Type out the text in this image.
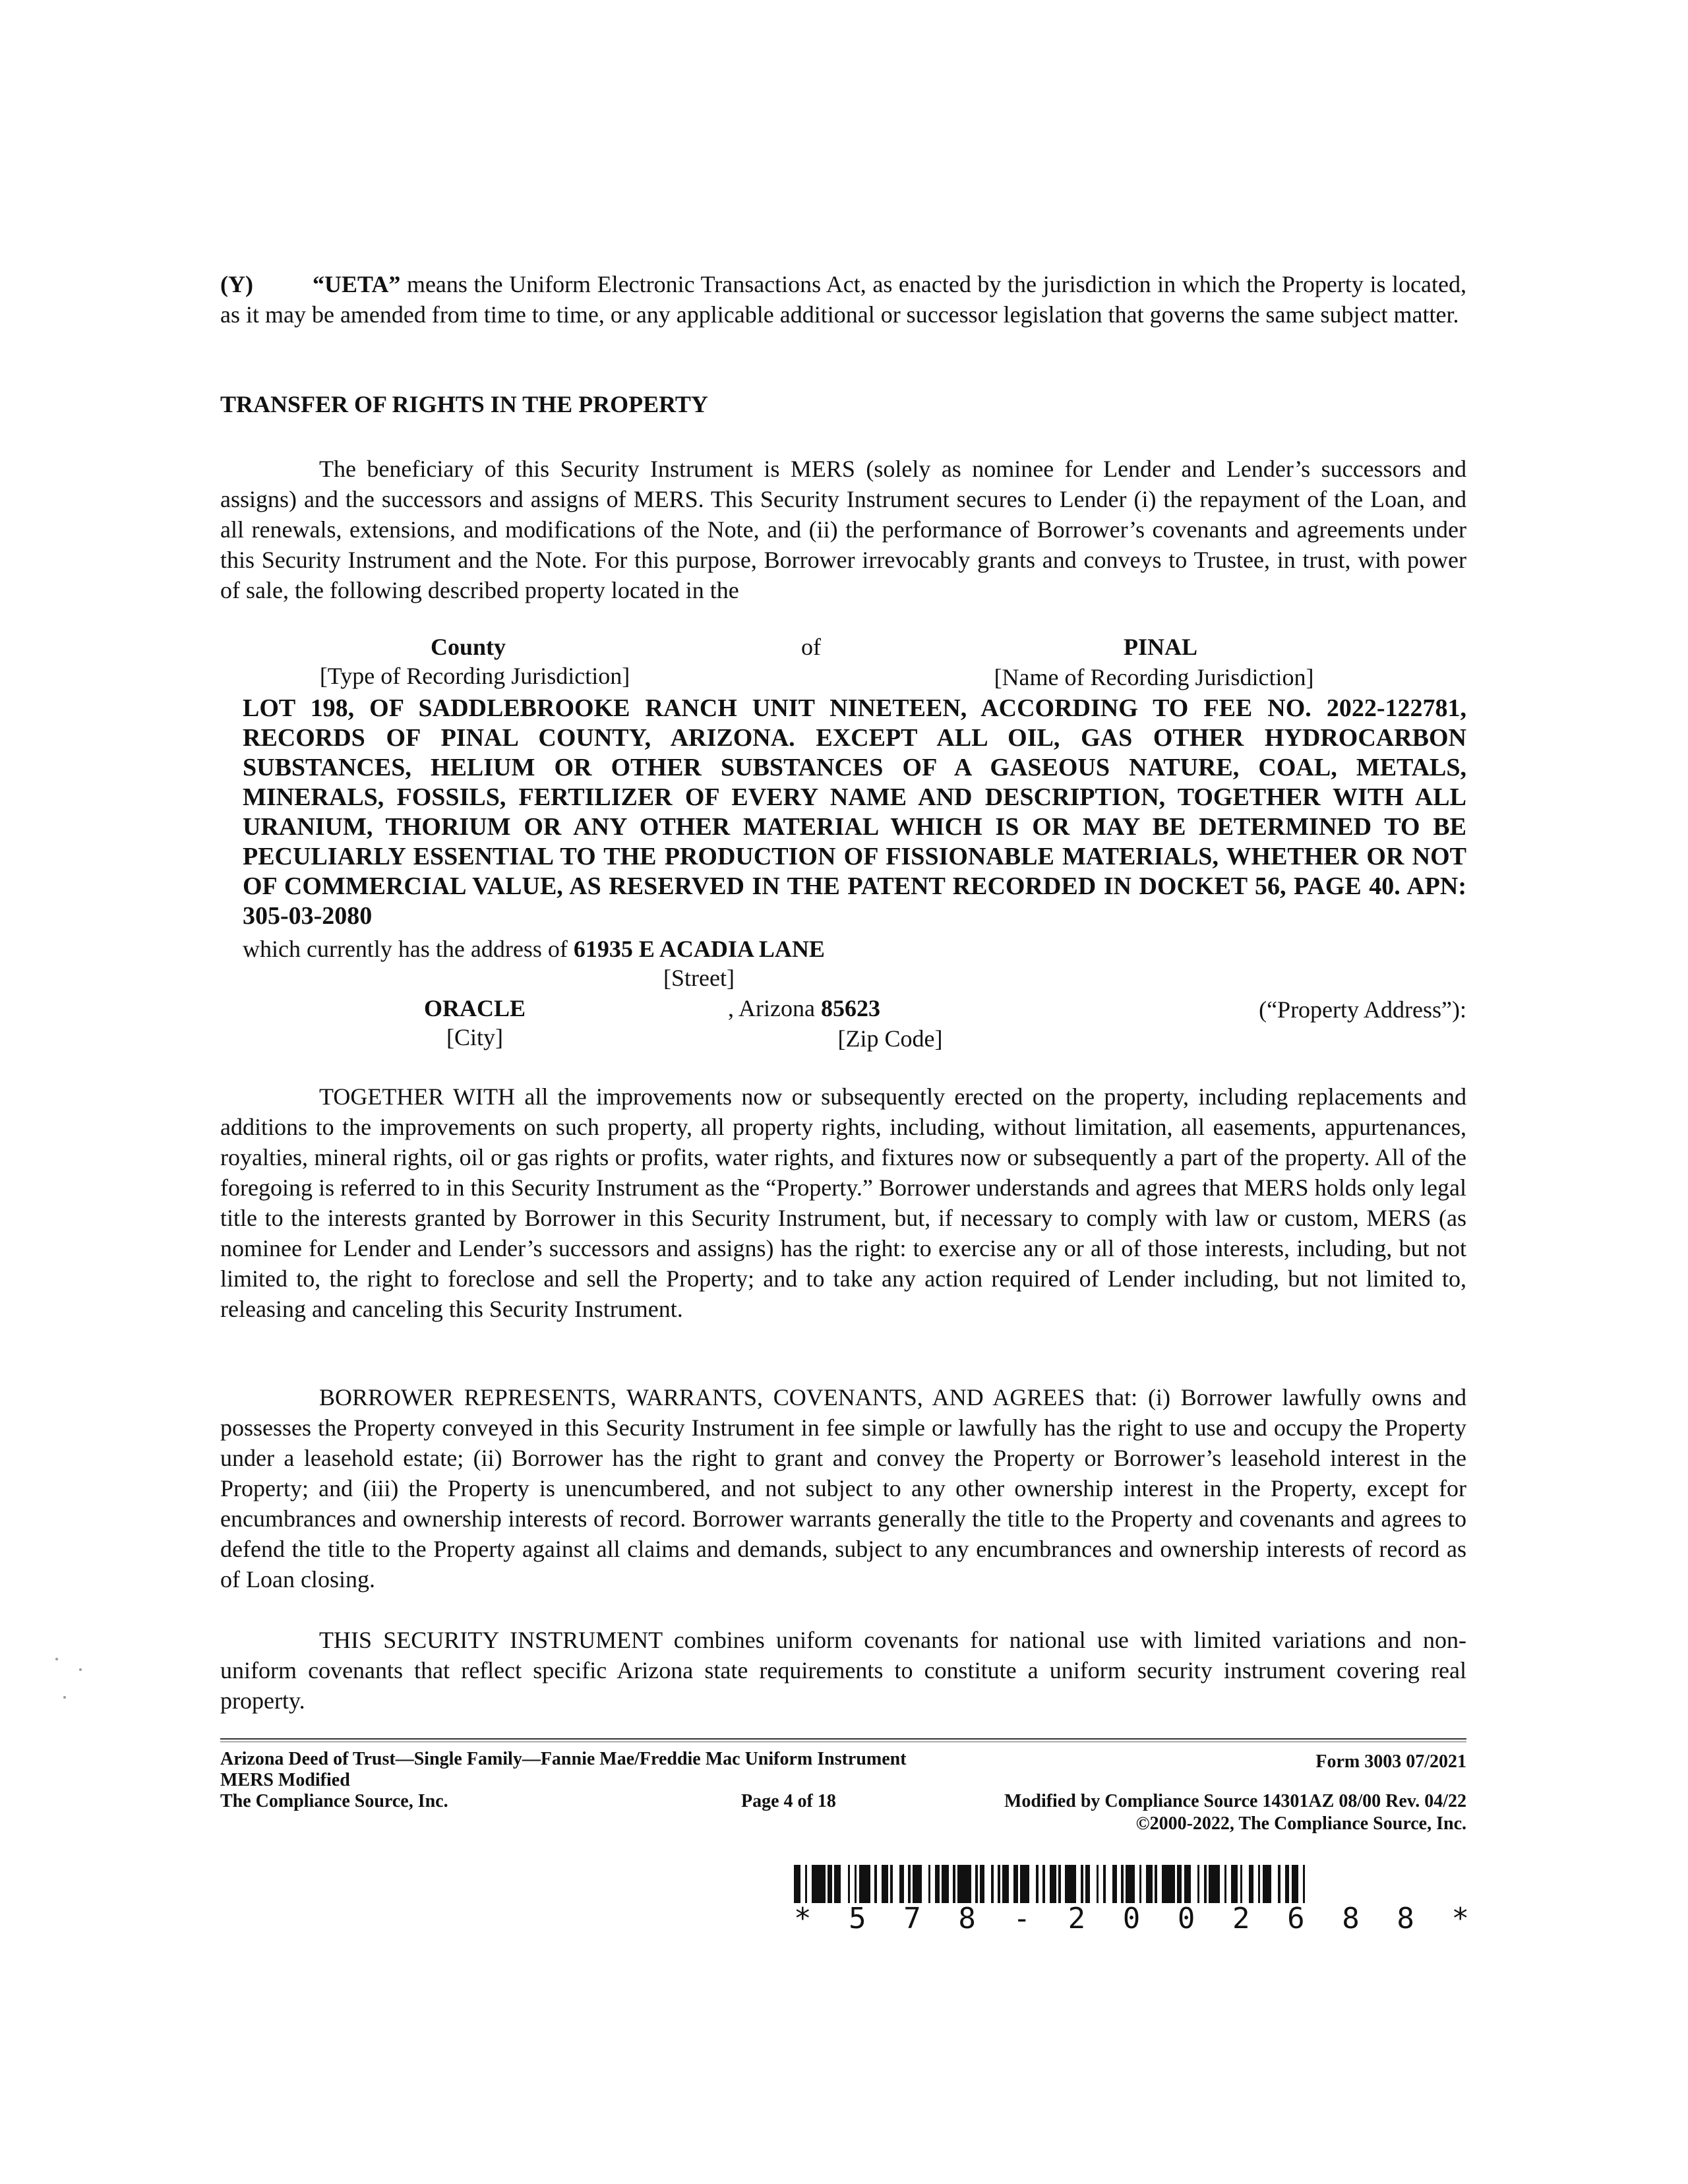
(Y)	“UETA” means the Uniform Electronic Transactions Act, as enacted by the jurisdiction in which the Property is located, as it may be amended from time to time, or any applicable additional or successor legislation that governs the same subject matter.

TRANSFER OF RIGHTS IN THE PROPERTY

The beneficiary of this Security Instrument is MERS (solely as nominee for Lender and Lender’s successors and assigns) and the successors and assigns of MERS. This Security Instrument secures to Lender (i) the repayment of the Loan, and all renewals, extensions, and modifications of the Note, and (ii) the performance of Borrower’s covenants and agreements under this Security Instrument and the Note. For this purpose, Borrower irrevocably grants and conveys to Trustee, in trust, with power of sale, the following described property located in the

County	of	PINAL
[Type of Recording Jurisdiction]	[Name of Recording Jurisdiction]

LOT 198, OF SADDLEBROOKE RANCH UNIT NINETEEN, ACCORDING TO FEE NO. 2022-122781, RECORDS OF PINAL COUNTY, ARIZONA. EXCEPT ALL OIL, GAS OTHER HYDROCARBON SUBSTANCES, HELIUM OR OTHER SUBSTANCES OF A GASEOUS NATURE, COAL, METALS, MINERALS, FOSSILS, FERTILIZER OF EVERY NAME AND DESCRIPTION, TOGETHER WITH ALL URANIUM, THORIUM OR ANY OTHER MATERIAL WHICH IS OR MAY BE DETERMINED TO BE PECULIARLY ESSENTIAL TO THE PRODUCTION OF FISSIONABLE MATERIALS, WHETHER OR NOT OF COMMERCIAL VALUE, AS RESERVED IN THE PATENT RECORDED IN DOCKET 56, PAGE 40. APN: 305-03-2080

which currently has the address of 61935 E ACADIA LANE
[Street]
ORACLE	, Arizona 85623	(“Property Address”):
[City]	[Zip Code]

TOGETHER WITH all the improvements now or subsequently erected on the property, including replacements and additions to the improvements on such property, all property rights, including, without limitation, all easements, appurtenances, royalties, mineral rights, oil or gas rights or profits, water rights, and fixtures now or subsequently a part of the property. All of the foregoing is referred to in this Security Instrument as the “Property.” Borrower understands and agrees that MERS holds only legal title to the interests granted by Borrower in this Security Instrument, but, if necessary to comply with law or custom, MERS (as nominee for Lender and Lender’s successors and assigns) has the right: to exercise any or all of those interests, including, but not limited to, the right to foreclose and sell the Property; and to take any action required of Lender including, but not limited to, releasing and canceling this Security Instrument.

BORROWER REPRESENTS, WARRANTS, COVENANTS, AND AGREES that: (i) Borrower lawfully owns and possesses the Property conveyed in this Security Instrument in fee simple or lawfully has the right to use and occupy the Property under a leasehold estate; (ii) Borrower has the right to grant and convey the Property or Borrower’s leasehold interest in the Property; and (iii) the Property is unencumbered, and not subject to any other ownership interest in the Property, except for encumbrances and ownership interests of record. Borrower warrants generally the title to the Property and covenants and agrees to defend the title to the Property against all claims and demands, subject to any encumbrances and ownership interests of record as of Loan closing.

THIS SECURITY INSTRUMENT combines uniform covenants for national use with limited variations and non-uniform covenants that reflect specific Arizona state requirements to constitute a uniform security instrument covering real property.

Arizona Deed of Trust—Single Family—Fannie Mae/Freddie Mac Uniform Instrument
MERS Modified
The Compliance Source, Inc.	Page 4 of 18
Form 3003 07/2021
Modified by Compliance Source 14301AZ 08/00 Rev. 04/22
©2000-2022, The Compliance Source, Inc.
* 5 7 8 - 2 0 0 2 6 8 8 *
